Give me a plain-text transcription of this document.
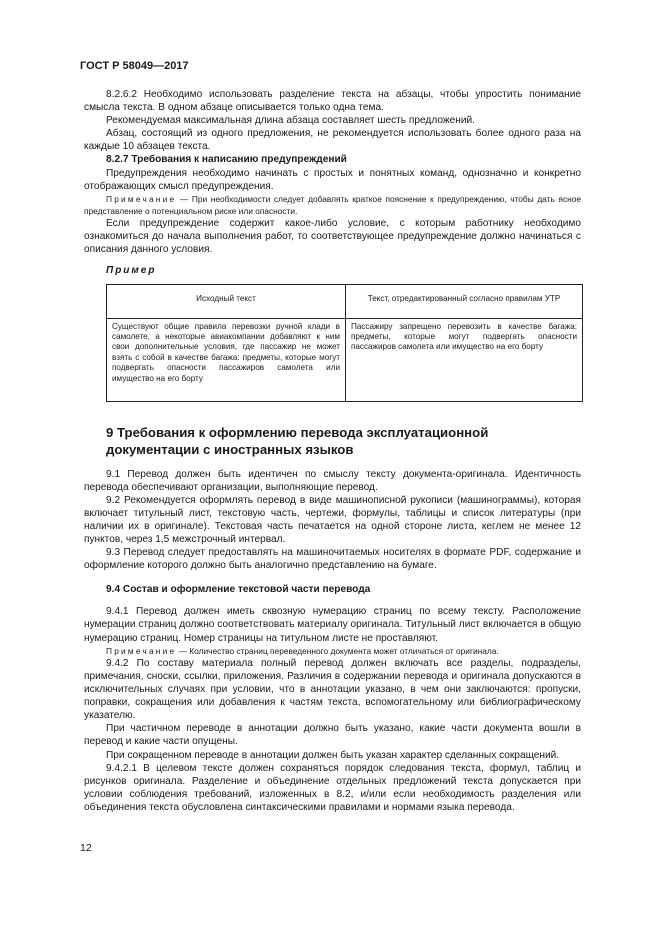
ГОСТ Р 58049—2017

8.2.6.2 Необходимо использовать разделение текста на абзацы, чтобы упростить понимание смысла текста. В одном абзаце описывается только одна тема.

Рекомендуемая максимальная длина абзаца составляет шесть предложений.

Абзац, состоящий из одного предложения, не рекомендуется использовать более одного раза на каждые 10 абзацев текста.

8.2.7 Требования к написанию предупреждений

Предупреждения необходимо начинать с простых и понятных команд, однозначно и конкретно отображающих смысл предупреждения.

Примечание — При необходимости следует добавлять краткое пояснение к предупреждению, чтобы дать ясное представление о потенциальном риске или опасности.

Если предупреждение содержит какое-либо условие, с которым работнику необходимо ознакомиться до начала выполнения работ, то соответствующее предупреждение должно начинаться с описания данного условия.

Пример
Исходный текст	Текст, отредактированный согласно правилам УТР
Существуют общие правила перевозки ручной клади в самолете, а некоторые авиакомпании добавляют к ним свои дополнительные условия, где пассажир не может взять с собой в качестве багажа: предметы, которые могут подвергать опасности пассажиров самолета или имущество на его борту	Пассажиру запрещено перевозить в качестве багажа: предметы, которые могут подвергать опасности пассажиров самолета или имущество на его борту

9 Требования к оформлению перевода эксплуатационной документации с иностранных языков

9.1 Перевод должен быть идентичен по смыслу тексту документа-оригинала. Идентичность перевода обеспечивают организации, выполняющие перевод.

9.2 Рекомендуется оформлять перевод в виде машинописной рукописи (машинограммы), которая включает титульный лист, текстовую часть, чертежи, формулы, таблицы и список литературы (при наличии их в оригинале). Текстовая часть печатается на одной стороне листа, кеглем не менее 12 пунктов, через 1,5 межстрочный интервал.

9.3 Перевод следует предоставлять на машиночитаемых носителях в формате PDF, содержание и оформление которого должно быть аналогично представлению на бумаге.

9.4 Состав и оформление текстовой части перевода

9.4.1 Перевод должен иметь сквозную нумерацию страниц по всему тексту. Расположение нумерации страниц должно соответствовать материалу оригинала. Титульный лист включается в общую нумерацию страниц. Номер страницы на титульном листе не проставляют.

Примечание — Количество страниц переведенного документа может отличаться от оригинала.

9.4.2 По составу материала полный перевод должен включать все разделы, подразделы, примечания, сноски, ссылки, приложения. Различия в содержании перевода и оригинала допускаются в исключительных случаях при условии, что в аннотации указано, в чем они заключаются: пропуски, поправки, сокращения или добавления к частям текста, вспомогательному или библиографическому указателю.

При частичном переводе в аннотации должно быть указано, какие части документа вошли в перевод и какие части опущены.

При сокращенном переводе в аннотации должен быть указан характер сделанных сокращений.

9.4.2.1 В целевом тексте должен сохраняться порядок следования текста, формул, таблиц и рисунков оригинала. Разделение и объединение отдельных предложений текста допускается при условии соблюдения требований, изложенных в 8.2, и/или если необходимость разделения или объединения текста обусловлена синтаксическими правилами и нормами языка перевода.

12
